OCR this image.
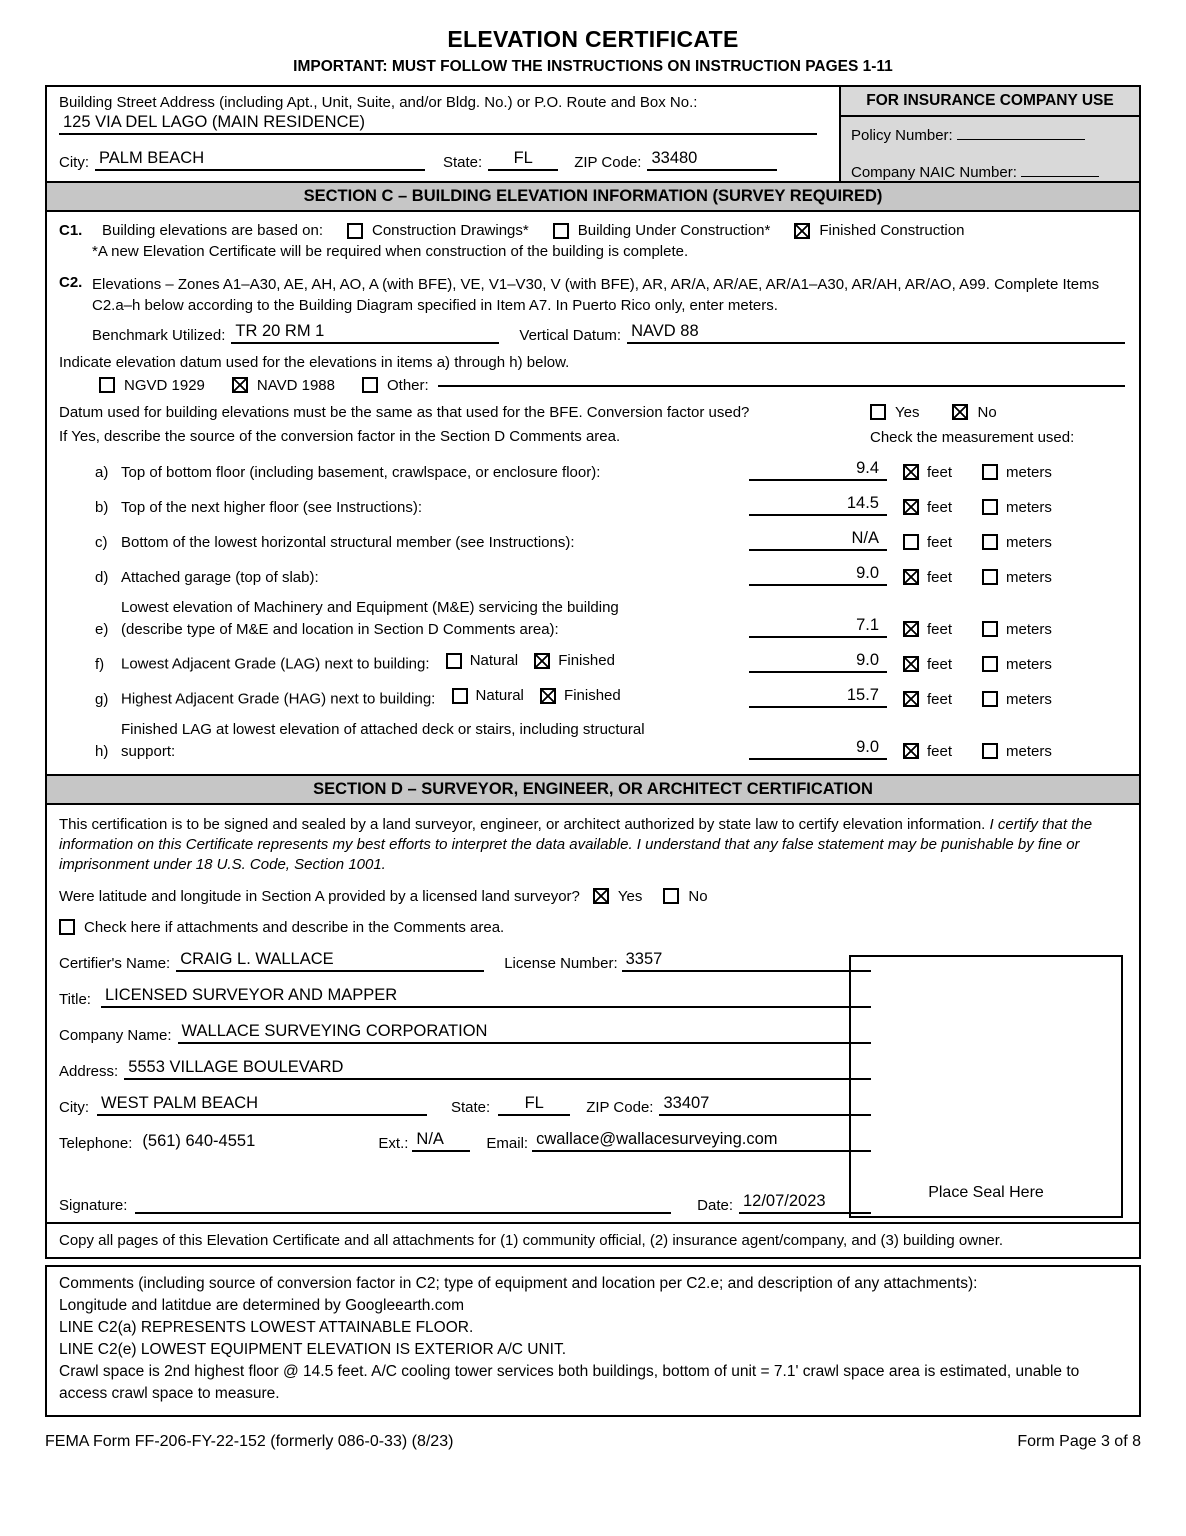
ELEVATION CERTIFICATE
IMPORTANT: MUST FOLLOW THE INSTRUCTIONS ON INSTRUCTION PAGES 1-11
Building Street Address (including Apt., Unit, Suite, and/or Bldg. No.) or P.O. Route and Box No.:
125 VIA DEL LAGO (MAIN RESIDENCE)
City: PALM BEACH	State:	FL	ZIP Code: 33480
FOR INSURANCE COMPANY USE
Policy Number:
Company NAIC Number:
SECTION C – BUILDING ELEVATION INFORMATION (SURVEY REQUIRED)
C1.	Building elevations are based on:	Construction Drawings*	Building Under Construction*	Finished Construction
*A new Elevation Certificate will be required when construction of the building is complete.
C2. Elevations – Zones A1–A30, AE, AH, AO, A (with BFE), VE, V1–V30, V (with BFE), AR, AR/A, AR/AE, AR/A1–A30, AR/AH, AR/AO, A99. Complete Items C2.a–h below according to the Building Diagram specified in Item A7. In Puerto Rico only, enter meters.
Benchmark Utilized: TR 20 RM 1	Vertical Datum: NAVD 88
Indicate elevation datum used for the elevations in items a) through h) below.
NGVD 1929	NAVD 1988	Other:
Datum used for building elevations must be the same as that used for the BFE. Conversion factor used?
If Yes, describe the source of the conversion factor in the Section D Comments area.
Yes	No
Check the measurement used:
a) Top of bottom floor (including basement, crawlspace, or enclosure floor):	9.4	feet	meters
b) Top of the next higher floor (see Instructions):	14.5	feet	meters
c) Bottom of the lowest horizontal structural member (see Instructions):	N/A	feet	meters
d) Attached garage (top of slab):	9.0	feet	meters
e)
Lowest elevation of Machinery and Equipment (M&E) servicing the building
(describe type of M&E and location in Section D Comments area):	7.1	feet	meters
f)	Lowest Adjacent Grade (LAG) next to building:	Natural
	Finished	9.0	feet	meters
g) Highest Adjacent Grade (HAG) next to building:	Natural
	Finished	15.7	feet	meters
h)
Finished LAG at lowest elevation of attached deck or stairs, including structural
support:	9.0	feet	meters
SECTION D – SURVEYOR, ENGINEER, OR ARCHITECT CERTIFICATION
This certification is to be signed and sealed by a land surveyor, engineer, or architect authorized by state law to certify elevation information. I certify that the information on this Certificate represents my best efforts to interpret the data available. I understand that any false statement may be punishable by fine or imprisonment under 18 U.S. Code, Section 1001.
Were latitude and longitude in Section A provided by a licensed land surveyor?	Yes	No
Check here if attachments and describe in the Comments area.
Certifier's Name: CRAIG L. WALLACE	License Number: 3357
Title: LICENSED SURVEYOR AND MAPPER
Company Name: WALLACE SURVEYING CORPORATION
Address: 5553 VILLAGE BOULEVARD
City: WEST PALM BEACH	State:	FL	ZIP Code: 33407
Telephone: (561) 640-4551	Ext.: N/A	Email: cwallace@wallacesurveying.com
Signature:	Date: 12/07/2023	Place Seal Here
Copy all pages of this Elevation Certificate and all attachments for (1) community official, (2) insurance agent/company, and (3) building owner.
Comments (including source of conversion factor in C2; type of equipment and location per C2.e; and description of any attachments):
Longitude and latitdue are determined by Googleearth.com
LINE C2(a) REPRESENTS LOWEST ATTAINABLE FLOOR.
LINE C2(e) LOWEST EQUIPMENT ELEVATION IS EXTERIOR A/C UNIT.
Crawl space is 2nd highest floor @ 14.5 feet. A/C cooling tower services both buildings, bottom of unit = 7.1' crawl space area is estimated, unable to access crawl space to measure.
FEMA Form FF-206-FY-22-152 (formerly 086-0-33) (8/23)	Form Page 3 of 8
